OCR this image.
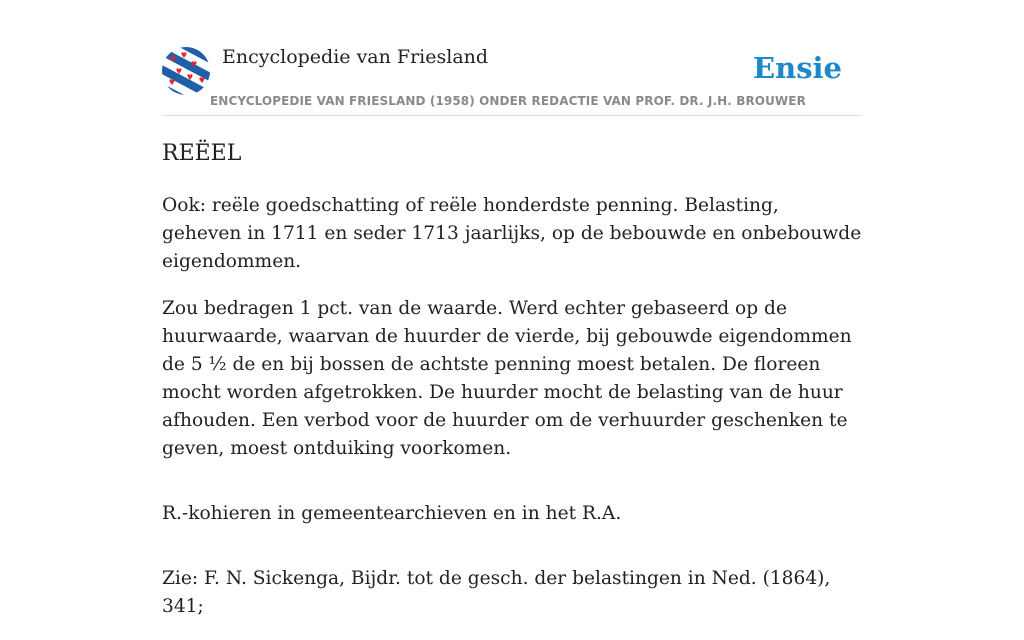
Encyclopedie van Friesland
ENCYCLOPEDIE VAN FRIESLAND (1958) ONDER REDACTIE VAN PROF. DR. J.H. BROUWER
Ensie
REËEL

Ook: reële goedschatting of reële honderdste penning. Belasting, geheven in 1711 en seder 1713 jaarlijks, op de bebouwde en onbebouwde eigendommen.

Zou bedragen 1 pct. van de waarde. Werd echter gebaseerd op de huurwaarde, waarvan de huurder de vierde, bij gebouwde eigendommen de 5 ½ de en bij bossen de achtste penning moest betalen. De floreen mocht worden afgetrokken. De huurder mocht de belasting van de huur afhouden. Een verbod voor de huurder om de verhuurder geschenken te geven, moest ontduiking voorkomen.

R.-kohieren in gemeentearchieven en in het R.A.

Zie: F. N. Sickenga, Bijdr. tot de gesch. der belastingen in Ned. (1864), 341;
